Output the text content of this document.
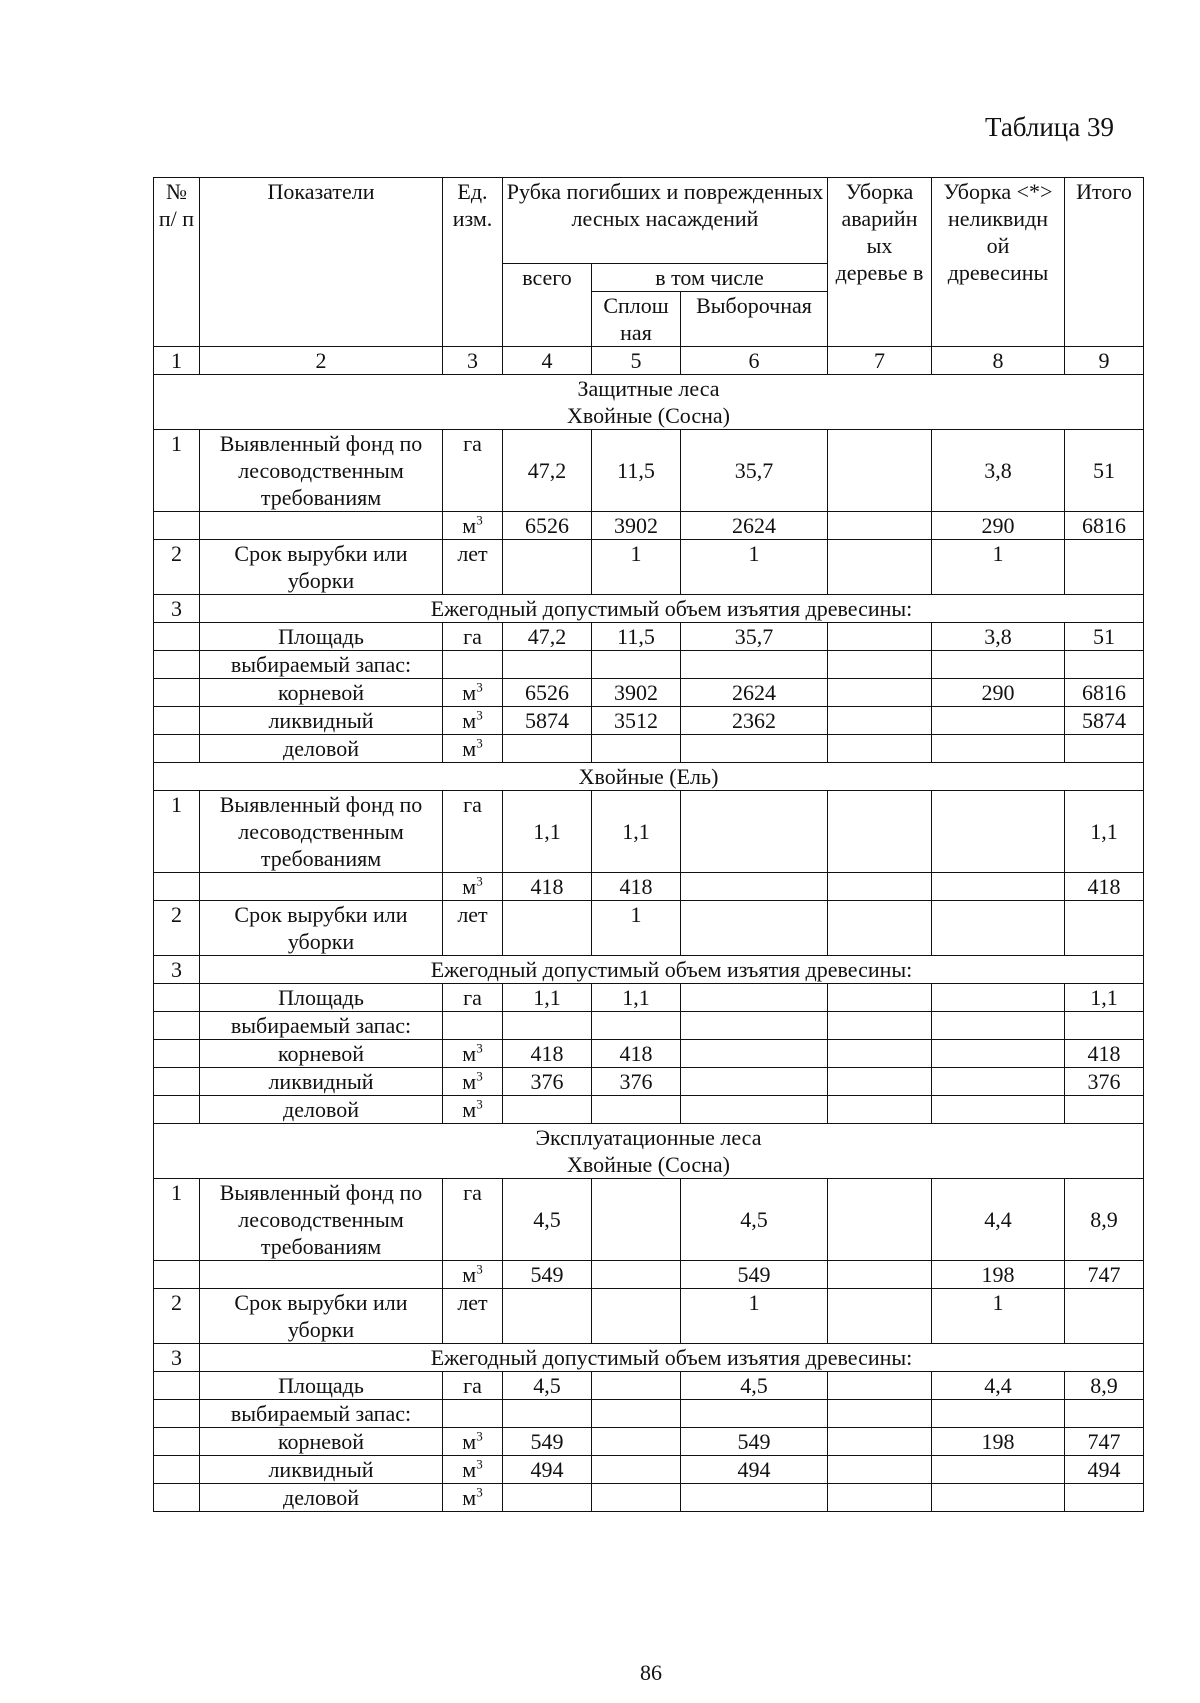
Таблица 39
№ п/ п	Показатели	Ед. изм.	Рубка погибших и поврежденных лесных насаждений			Уборка аварийн ых деревье в	Уборка <*> неликвидн ой древесины	Итого
			всего	в том числе				
				Сплош ная	Выборочная			
1	2	3	4	5	6	7	8	9

Защитные леса
Хвойные (Сосна)								

1	Выявленный фонд по лесоводственным требованиям	га	47,2	11,5	35,7		3,8	51
		$м^3$	6526	3902	2624		290	6816
2	Срок вырубки или уборки	лет		1	1		1	
3	Ежегодный допустимый объем изъятия древесины:							
	Площадь	га	47,2	11,5	35,7		3,8	51
	выбираемый запас:							
	корневой	$м^3$	6526	3902	2624		290	6816
	ликвидный	$м^3$	5874	3512	2362			5874
	деловой	$м^3$						

Хвойные (Ель)								

1	Выявленный фонд по лесоводственным требованиям	га	1,1	1,1				1,1
		$м^3$	418	418				418
2	Срок вырубки или уборки	лет		1				
3	Ежегодный допустимый объем изъятия древесины:							
	Площадь	га	1,1	1,1				1,1
	выбираемый запас:							
	корневой	$м^3$	418	418				418
	ликвидный	$м^3$	376	376				376
	деловой	$м^3$						

Эксплуатационные леса
Хвойные (Сосна)								

1	Выявленный фонд по лесоводственным требованиям	га	4,5		4,5		4,4	8,9
		$м^3$	549		549		198	747
2	Срок вырубки или уборки	лет			1		1	
3	Ежегодный допустимый объем изъятия древесины:							
	Площадь	га	4,5		4,5		4,4	8,9
	выбираемый запас:							
	корневой	$м^3$	549		549		198	747
	ликвидный	$м^3$	494		494			494
	деловой	$м^3$						
86
